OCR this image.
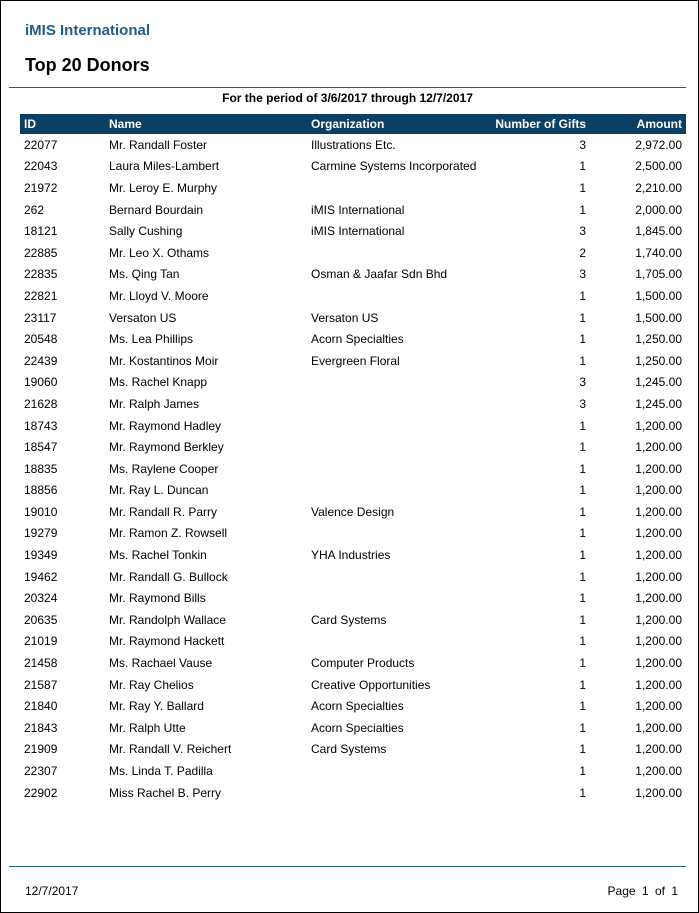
iMIS International
Top 20 Donors
For the period of 3/6/2017 through 12/7/2017
ID	Name	Organization	Number of Gifts	Amount
22077	Mr. Randall Foster	Illustrations Etc.	3	2,972.00
22043	Laura Miles-Lambert	Carmine Systems Incorporated	1	2,500.00
21972	Mr. Leroy E. Murphy		1	2,210.00
262	Bernard Bourdain	iMIS International	1	2,000.00
18121	Sally Cushing	iMIS International	3	1,845.00
22885	Mr. Leo X. Othams		2	1,740.00
22835	Ms. Qing Tan	Osman & Jaafar Sdn Bhd	3	1,705.00
22821	Mr. Lloyd V. Moore		1	1,500.00
23117	Versaton US	Versaton US	1	1,500.00
20548	Ms. Lea Phillips	Acorn Specialties	1	1,250.00
22439	Mr. Kostantinos Moir	Evergreen Floral	1	1,250.00
19060	Ms. Rachel Knapp		3	1,245.00
21628	Mr. Ralph James		3	1,245.00
18743	Mr. Raymond Hadley		1	1,200.00
18547	Mr. Raymond Berkley		1	1,200.00
18835	Ms. Raylene Cooper		1	1,200.00
18856	Mr. Ray L. Duncan		1	1,200.00
19010	Mr. Randall R. Parry	Valence Design	1	1,200.00
19279	Mr. Ramon Z. Rowsell		1	1,200.00
19349	Ms. Rachel Tonkin	YHA Industries	1	1,200.00
19462	Mr. Randall G. Bullock		1	1,200.00
20324	Mr. Raymond Bills		1	1,200.00
20635	Mr. Randolph Wallace	Card Systems	1	1,200.00
21019	Mr. Raymond Hackett		1	1,200.00
21458	Ms. Rachael Vause	Computer Products	1	1,200.00
21587	Mr. Ray Chelios	Creative Opportunities	1	1,200.00
21840	Mr. Ray Y. Ballard	Acorn Specialties	1	1,200.00
21843	Mr. Ralph Utte	Acorn Specialties	1	1,200.00
21909	Mr. Randall V. Reichert	Card Systems	1	1,200.00
22307	Ms. Linda T. Padilla		1	1,200.00
22902	Miss Rachel B. Perry		1	1,200.00
12/7/2017	Page 1 of 1
